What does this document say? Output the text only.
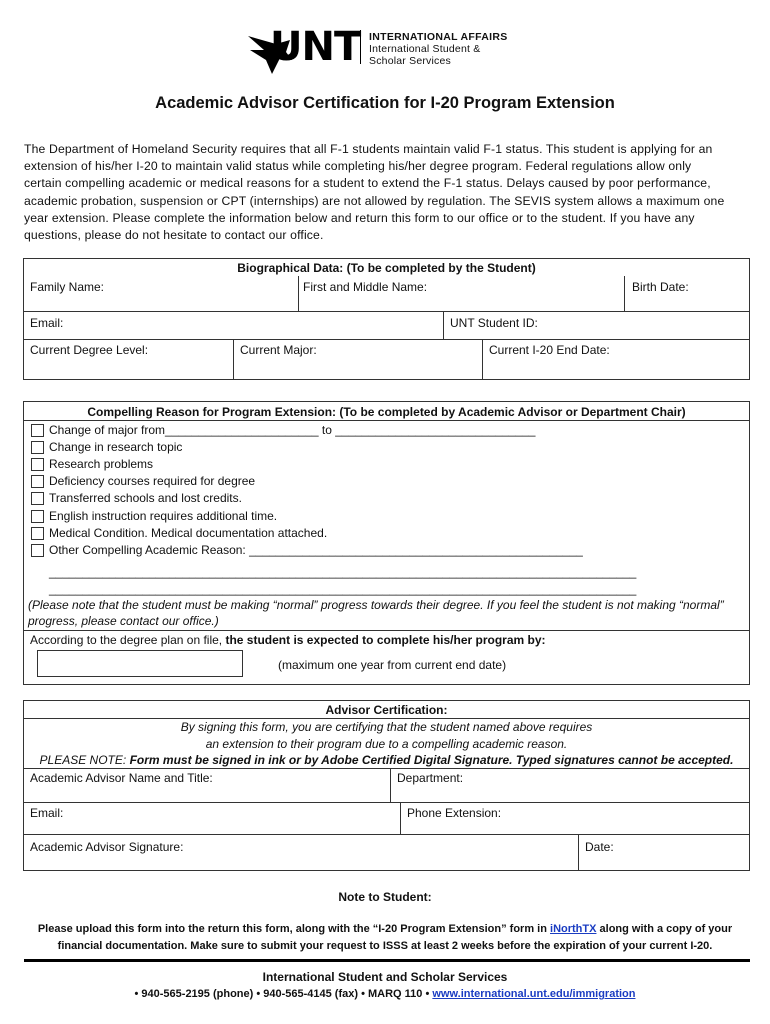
UNT INTERNATIONAL AFFAIRS
International Student &
Scholar Services
Academic Advisor Certification for I-20 Program Extension
The Department of Homeland Security requires that all F-1 students maintain valid F-1 status. This student is applying for an extension of his/her I-20 to maintain valid status while completing his/her degree program. Federal regulations allow only certain compelling academic or medical reasons for a student to extend the F-1 status. Delays caused by poor performance, academic probation, suspension or CPT (internships) are not allowed by regulation. The SEVIS system allows a maximum one year extension. Please complete the information below and return this form to our office or to the student. If you have any questions, please do not hesitate to contact our office.
Biographical Data: (To be completed by the Student)
Family Name:	First and Middle Name:	Birth Date:
Email:	UNT Student ID:
Current Degree Level:	Current Major:	Current I-20 End Date:
Compelling Reason for Program Extension: (To be completed by Academic Advisor or Department Chair)
Change of major from_______________________ to ______________________________
Change in research topic
Research problems
Deficiency courses required for degree
Transferred schools and lost credits.
English instruction requires additional time.
Medical Condition. Medical documentation attached.
Other Compelling Academic Reason: __________________________________________________
________________________________________________________________________________________
________________________________________________________________________________________
(Please note that the student must be making “normal” progress towards their degree. If you feel the student is not making “normal” progress, please contact our office.)
According to the degree plan on file, the student is expected to complete his/her program by:
(maximum one year from current end date)
Advisor Certification:
By signing this form, you are certifying that the student named above requires
an extension to their program due to a compelling academic reason.
PLEASE NOTE: Form must be signed in ink or by Adobe Certified Digital Signature. Typed signatures cannot be accepted.
Academic Advisor Name and Title:	Department:
Email:	Phone Extension:
Academic Advisor Signature:	Date:
Note to Student:
Please upload this form into the return this form, along with the “I-20 Program Extension” form in iNorthTX along with a copy of your
financial documentation. Make sure to submit your request to ISSS at least 2 weeks before the expiration of your current I-20.
International Student and Scholar Services
• 940-565-2195 (phone) • 940-565-4145 (fax) • MARQ 110 • www.international.unt.edu/immigration
